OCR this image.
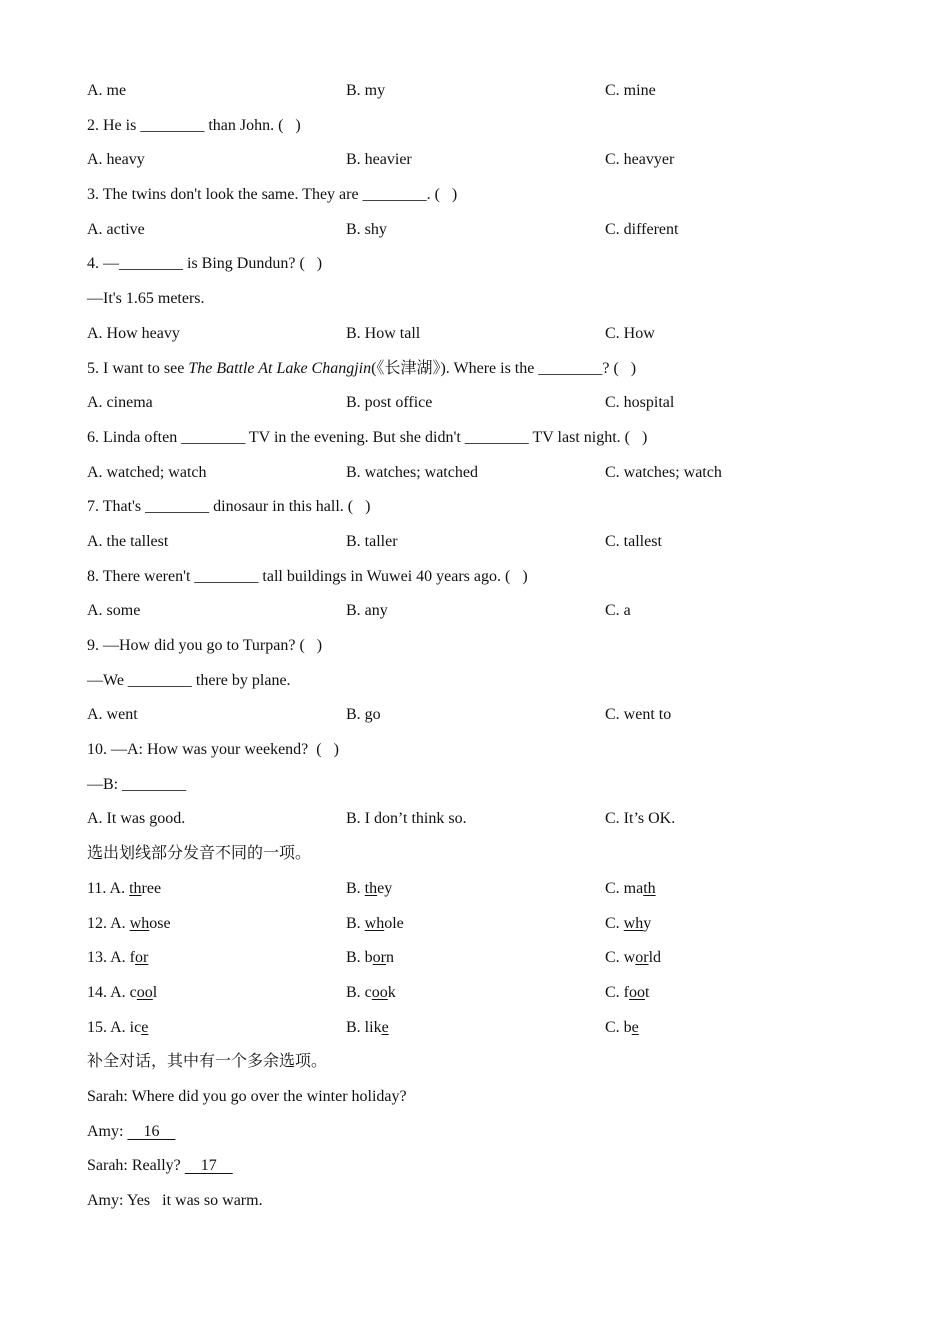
A. me	B. my	C. mine
2. He is ________ than John. (   )
A. heavy	B. heavier	C. heavyer
3. The twins don't look the same. They are ________. (   )
A. active	B. shy	C. different
4. —________ is Bing Dundun? (   )
—It's 1.65 meters.
A. How heavy	B. How tall	C. How
5. I want to see The Battle At Lake Changjin(《长津湖》). Where is the ________? (   )
A. cinema	B. post office	C. hospital
6. Linda often ________ TV in the evening. But she didn't ________ TV last night. (   )
A. watched; watch	B. watches; watched	C. watches; watch
7. That's ________ dinosaur in this hall. (   )
A. the tallest	B. taller	C. tallest
8. There weren't ________ tall buildings in Wuwei 40 years ago. (   )
A. some	B. any	C. a
9. —How did you go to Turpan? (   )
—We ________ there by plane.
A. went	B. go	C. went to
10. —A: How was your weekend?  (   )
—B: ________
A. It was good.	B. I don’t think so.	C. It’s OK.
选出划线部分发音不同的一项。
11. A. three	B. they	C. math
12. A. whose	B. whole	C. why
13. A. for	B. born	C. world
14. A. cool	B. cook	C. foot
15. A. ice	B. like	C. be
补全对话，其中有一个多余选项。
Sarah: Where did you go over the winter holiday?
Amy:     16
Sarah: Really?     17
Amy: Yes   it was so warm.
